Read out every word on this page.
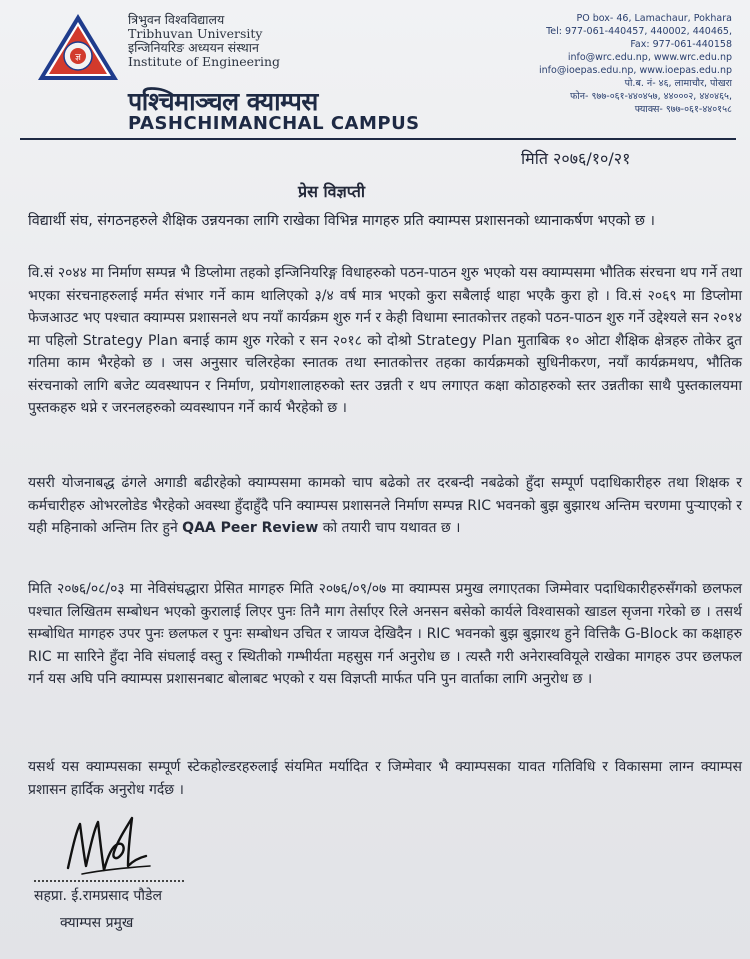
ज्ञ
त्रिभुवन विश्वविद्यालय
Tribhuvan University
इन्जिनियरिङ अध्ययन संस्थान
Institute of Engineering
पश्चिमाञ्चल क्याम्पस
PASHCHIMANCHAL CAMPUS
PO box- 46, Lamachaur, Pokhara
Tel: 977-061-440457, 440002, 440465,
Fax: 977-061-440158
info@wrc.edu.np, www.wrc.edu.np
info@ioepas.edu.np, www.ioepas.edu.np
पो.ब. नं- ४६, लामाचौर, पोखरा
फोन- ९७७-०६१-४४०४५७, ४४०००२, ४४०४६५,
फ्याक्स- ९७७-०६१-४४०१५८
मिति २०७६/१०/२१
प्रेस विज्ञप्ती
विद्यार्थी संघ, संगठनहरुले शैक्षिक उन्नयनका लागि राखेका विभिन्न मागहरु प्रति क्याम्पस प्रशासनको ध्यानाकर्षण भएको छ ।
वि.सं २०४४ मा निर्माण सम्पन्न भै डिप्लोमा तहको इन्जिनियरिङ्ग विधाहरुको पठन-पाठन शुरु भएको यस क्याम्पसमा भौतिक संरचना थप गर्ने तथा भएका संरचनाहरुलाई मर्मत संभार गर्ने काम थालिएको ३/४ वर्ष मात्र भएको कुरा सबैलाई थाहा भएकै कुरा हो । वि.सं २०६९ मा डिप्लोमा फेजआउट भए पश्चात क्याम्पस प्रशासनले थप नयाँ कार्यक्रम शुरु गर्न र केही विधामा स्नातकोत्तर तहको पठन-पाठन शुरु गर्ने उद्देश्यले सन २०१४ मा पहिलो Strategy Plan बनाई काम शुरु गरेको र सन २०१८ को दोश्रो Strategy Plan मुताबिक १० ओटा शैक्षिक क्षेत्रहरु तोकेर द्रुत गतिमा काम भैरहेको छ । जस अनुसार चलिरहेका स्नातक तथा स्नातकोत्तर तहका कार्यक्रमको सुधिनीकरण, नयाँ कार्यक्रमथप, भौतिक संरचनाको लागि बजेट व्यवस्थापन र निर्माण, प्रयोगशालाहरुको स्तर उन्नती र थप लगाएत कक्षा कोठाहरुको स्तर उन्नतीका साथै पुस्तकालयमा पुस्तकहरु थप्ने र जरनलहरुको व्यवस्थापन गर्ने कार्य भैरहेको छ ।
यसरी योजनाबद्ध ढंगले अगाडी बढीरहेको क्याम्पसमा कामको चाप बढेको तर दरबन्दी नबढेको हुँदा सम्पूर्ण पदाधिकारीहरु तथा शिक्षक र कर्मचारीहरु ओभरलोडेड भैरहेको अवस्था हुँदाहुँदै पनि क्याम्पस प्रशासनले निर्माण सम्पन्न RIC भवनको बुझ बुझारथ अन्तिम चरणमा पुऱ्याएको र यही महिनाको अन्तिम तिर हुने QAA Peer Review को तयारी चाप यथावत छ ।
मिति २०७६/०८/०३ मा नेविसंघद्धारा प्रेसित मागहरु मिति २०७६/०९/०७ मा क्याम्पस प्रमुख लगाएतका जिम्मेवार पदाधिकारीहरुसँगको छलफल पश्चात लिखितम सम्बोधन भएको कुरालाई लिएर पुनः तिनै माग तेर्साएर रिले अनसन बसेको कार्यले विश्वासको खाडल सृजना गरेको छ । तसर्थ सम्बोधित मागहरु उपर पुनः छलफल र पुनः सम्बोधन उचित र जायज देखिदैन । RIC भवनको बुझ बुझारथ हुने वित्तिकै G-Block का कक्षाहरु RIC मा सारिने हुँदा नेवि संघलाई वस्तु र स्थितीको गम्भीर्यता महसुस गर्न अनुरोध छ । त्यस्तै गरी अनेरास्ववियूले राखेका मागहरु उपर छलफल गर्न यस अघि पनि क्याम्पस प्रशासनबाट बोलाबट भएको र यस विज्ञप्ती मार्फत पनि पुन वार्ताका लागि अनुरोध छ ।
यसर्थ यस क्याम्पसका सम्पूर्ण स्टेकहोल्डरहरुलाई संयमित मर्यादित र जिम्मेवार भै क्याम्पसका यावत गतिविधि र विकासमा लाग्न क्याम्पस प्रशासन हार्दिक अनुरोध गर्दछ ।
सहप्रा. ई.रामप्रसाद पौडेल
क्याम्पस प्रमुख
